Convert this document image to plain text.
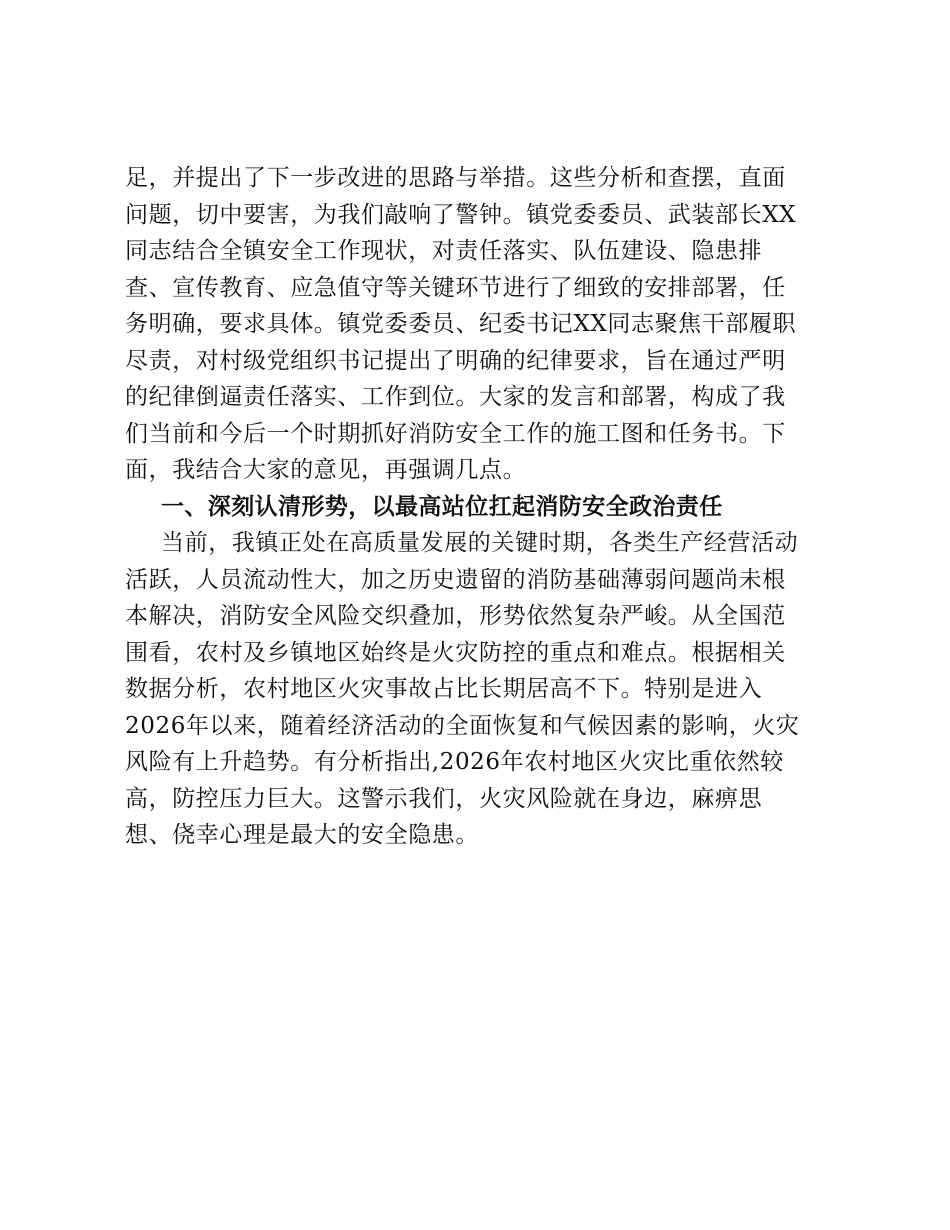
足，并提出了下一步改进的思路与举措。这些分析和查摆，直面
问题，切中要害，为我们敲响了警钟。镇党委委员、武装部长XX
同志结合全镇安全工作现状，对责任落实、队伍建设、隐患排
查、宣传教育、应急值守等关键环节进行了细致的安排部署，任
务明确，要求具体。镇党委委员、纪委书记XX同志聚焦干部履职
尽责，对村级党组织书记提出了明确的纪律要求，旨在通过严明
的纪律倒逼责任落实、工作到位。大家的发言和部署，构成了我
们当前和今后一个时期抓好消防安全工作的施工图和任务书。下
面，我结合大家的意见，再强调几点。
一、深刻认清形势，以最高站位扛起消防安全政治责任
当前，我镇正处在高质量发展的关键时期，各类生产经营活动
活跃，人员流动性大，加之历史遗留的消防基础薄弱问题尚未根
本解决，消防安全风险交织叠加，形势依然复杂严峻。从全国范
围看，农村及乡镇地区始终是火灾防控的重点和难点。根据相关
数据分析，农村地区火灾事故占比长期居高不下。特别是进入
2026年以来，随着经济活动的全面恢复和气候因素的影响，火灾
风险有上升趋势。有分析指出,2026年农村地区火灾比重依然较
高，防控压力巨大。这警示我们，火灾风险就在身边，麻痹思
想、侥幸心理是最大的安全隐患。
